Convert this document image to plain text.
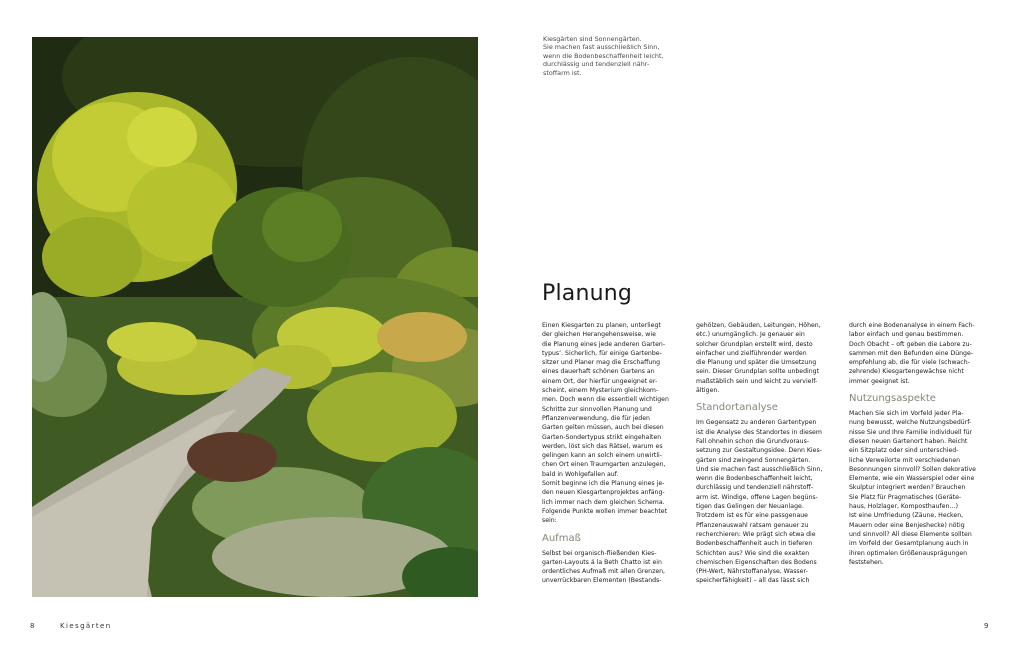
Kiesgärten sind Sonnengärten.

Sie machen fast ausschließlich Sinn,

wenn die Bodenbeschaffenheit leicht,

durchlässig und tendenziell nähr-

stoffarm ist.

Planung

Einen Kiesgarten zu planen, unterliegt

der gleichen Herangehensweise, wie

die Planung eines jede anderen Garten-

typus‘. Sicherlich, für einige Gartenbe-

sitzer und Planer mag die Erschaffung

eines dauerhaft schönen Gartens an

einem Ort, der hierfür ungeeignet er-

scheint, einem Mysterium gleichkom-

men. Doch wenn die essentiell wichtigen

Schritte zur sinnvollen Planung und

Pflanzenverwendung, die für jeden

Garten gelten müssen, auch bei diesen

Garten-Sondertypus strikt eingehalten

werden, löst sich das Rätsel, warum es

gelingen kann an solch einem unwirtli-

chen Ort einen Traumgarten anzulegen,

bald in Wohlgefallen auf.

Somit beginne ich die Planung eines je-

den neuen Kiesgartenprojektes anfäng-

lich immer nach dem gleichen Schema.

Folgende Punkte wollen immer beachtet

sein:

Aufmaß

Selbst bei organisch-fließenden Kies-

garten-Layouts á la Beth Chatto ist ein

ordentliches Aufmaß mit allen Grenzen,

unverrückbaren Elementen (Bestands-

gehölzen, Gebäuden, Leitungen, Höhen,

etc.) unumgänglich. Je genauer ein

solcher Grundplan erstellt wird, desto

einfacher und zielführender werden

die Planung und später die Umsetzung

sein. Dieser Grundplan sollte unbedingt

maßstäblich sein und leicht zu vervielf-

ältigen.

Standortanalyse

Im Gegensatz zu anderen Gartentypen

ist die Analyse des Standortes in diesem

Fall ohnehin schon die Grundvoraus-

setzung zur Gestaltungsidee. Denn Kies-

gärten sind zwingend Sonnengärten.

Und sie machen fast ausschließlich Sinn,

wenn die Bodenbeschaffenheit leicht,

durchlässig und tendenziell nährstoff-

arm ist. Windige, offene Lagen begüns-

tigen das Gelingen der Neuanlage.

Trotzdem ist es für eine passgenaue

Pflanzenauswahl ratsam genauer zu

recherchieren: Wie prägt sich etwa die

Bodenbeschaffenheit auch in tieferen

Schichten aus? Wie sind die exakten

chemischen Eigenschaften des Bodens

(PH-Wert, Nährstoffanalyse, Wasser-

speicherfähigkeit) – all das lässt sich

durch eine Bodenanalyse in einem Fach-

labor einfach und genau bestimmen.

Doch Obacht – oft geben die Labore zu-

sammen mit den Befunden eine Dünge-

empfehlung ab, die für viele (schwach-

zehrende) Kiesgartengewächse nicht

immer geeignet ist.

Nutzungsaspekte

Machen Sie sich im Vorfeld jeder Pla-

nung bewusst, welche Nutzungsbedürf-

nisse Sie und Ihre Familie individuell für

diesen neuen Gartenort haben. Reicht

ein Sitzplatz oder sind unterschied-

liche Verweilorte mit verschiedenen

Besonnungen sinnvoll? Sollen dekorative

Elemente, wie ein Wasserspiel oder eine

Skulptur integriert werden? Brauchen

Sie Platz für Pragmatisches (Geräte-

haus, Holzlager, Komposthaufen…)

Ist eine Umfriedung (Zäune, Hecken,

Mauern oder eine Benjeshecke) nötig

und sinnvoll? All diese Elemente sollten

im Vorfeld der Gesamtplanung auch in

ihren optimalen Größenausprägungen

feststehen.

8	Kiesgärten	9
